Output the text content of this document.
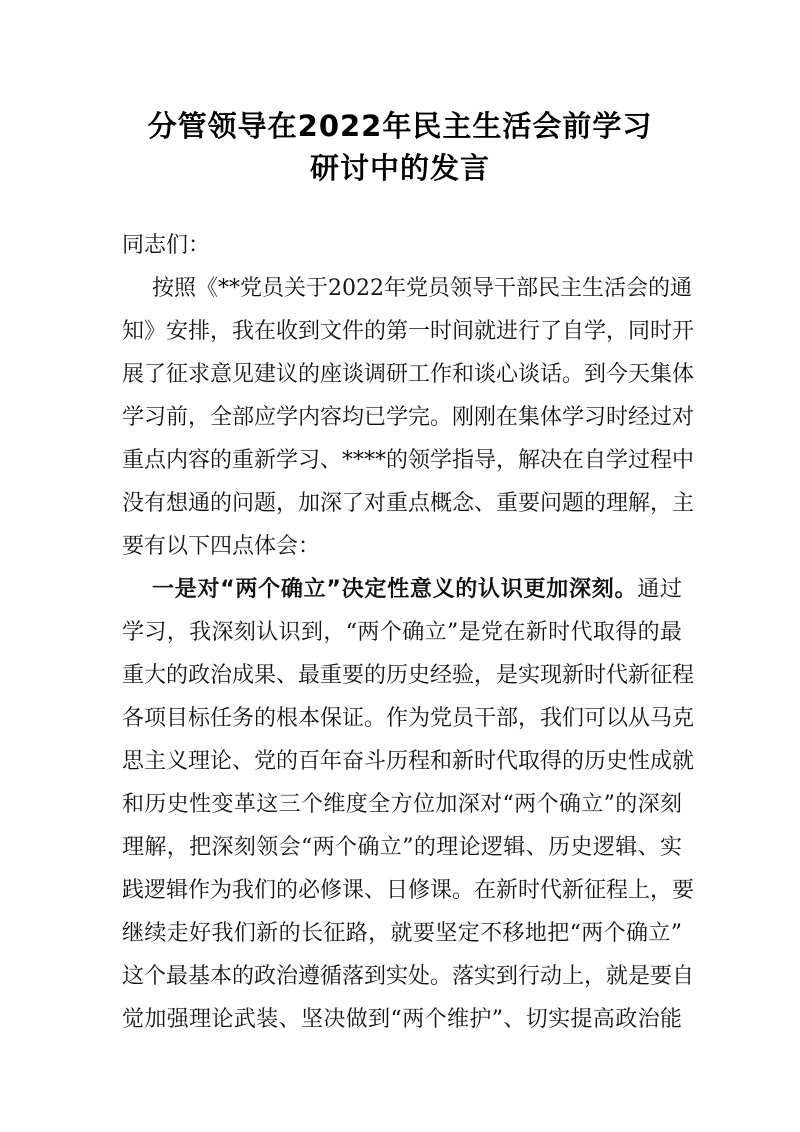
分管领导在2022年民主生活会前学习
研讨中的发言
同志们：
按照《**党员关于2022年党员领导干部民主生活会的通
知》安排，我在收到文件的第一时间就进行了自学，同时开
展了征求意见建议的座谈调研工作和谈心谈话。到今天集体
学习前，全部应学内容均已学完。刚刚在集体学习时经过对
重点内容的重新学习、****的领学指导，解决在自学过程中
没有想通的问题，加深了对重点概念、重要问题的理解，主
要有以下四点体会：
一是对“两个确立”决定性意义的认识更加深刻。通过
学习，我深刻认识到，“两个确立”是党在新时代取得的最
重大的政治成果、最重要的历史经验，是实现新时代新征程
各项目标任务的根本保证。作为党员干部，我们可以从马克
思主义理论、党的百年奋斗历程和新时代取得的历史性成就
和历史性变革这三个维度全方位加深对“两个确立”的深刻
理解，把深刻领会“两个确立”的理论逻辑、历史逻辑、实
践逻辑作为我们的必修课、日修课。在新时代新征程上，要
继续走好我们新的长征路，就要坚定不移地把“两个确立”
这个最基本的政治遵循落到实处。落实到行动上，就是要自
觉加强理论武装、坚决做到“两个维护”、切实提高政治能
